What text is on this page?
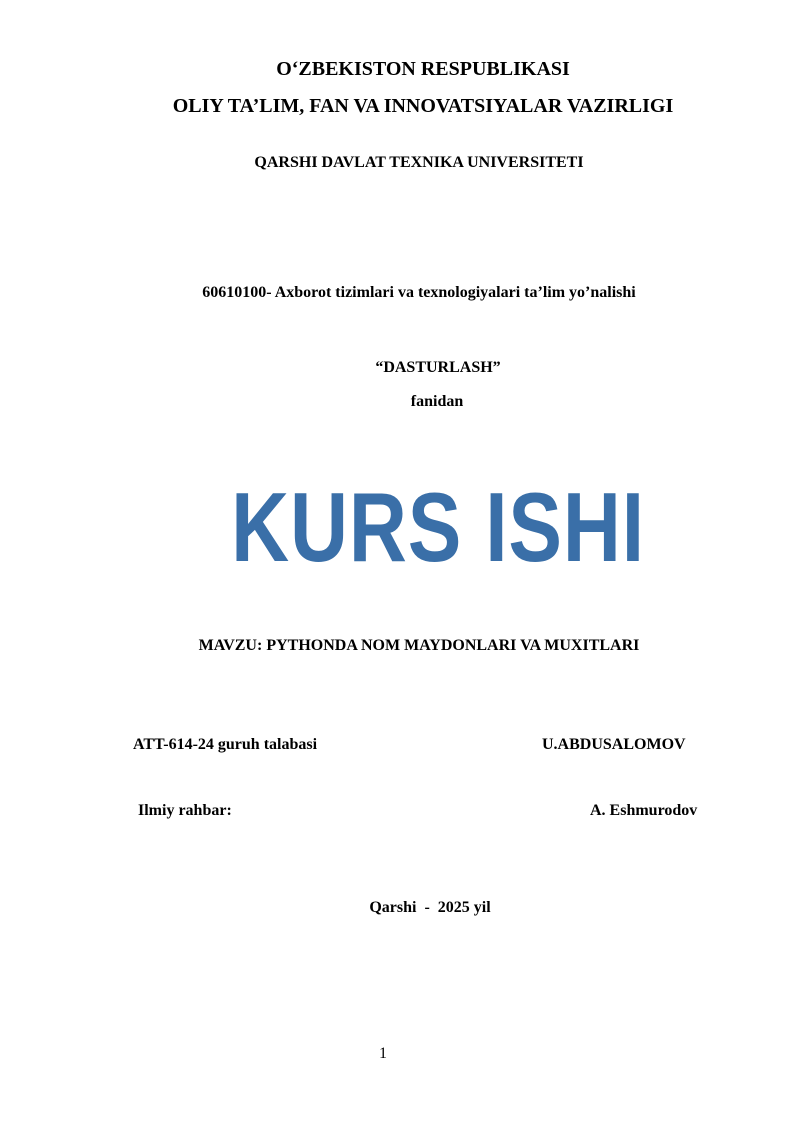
O‘ZBEKISTON RESPUBLIKASI
OLIY TA’LIM, FAN VA INNOVATSIYALAR VAZIRLIGI
QARSHI DAVLAT TEXNIKA UNIVERSITETI
60610100- Axborot tizimlari va texnologiyalari ta’lim yo’nalishi
“DASTURLASH”
fanidan
KURS ISHI
MAVZU: PYTHONDA NOM MAYDONLARI VA MUXITLARI
ATT-614-24 guruh talabasi	U.ABDUSALOMOV
Ilmiy rahbar:	A. Eshmurodov
Qarshi  -  2025 yil
1
